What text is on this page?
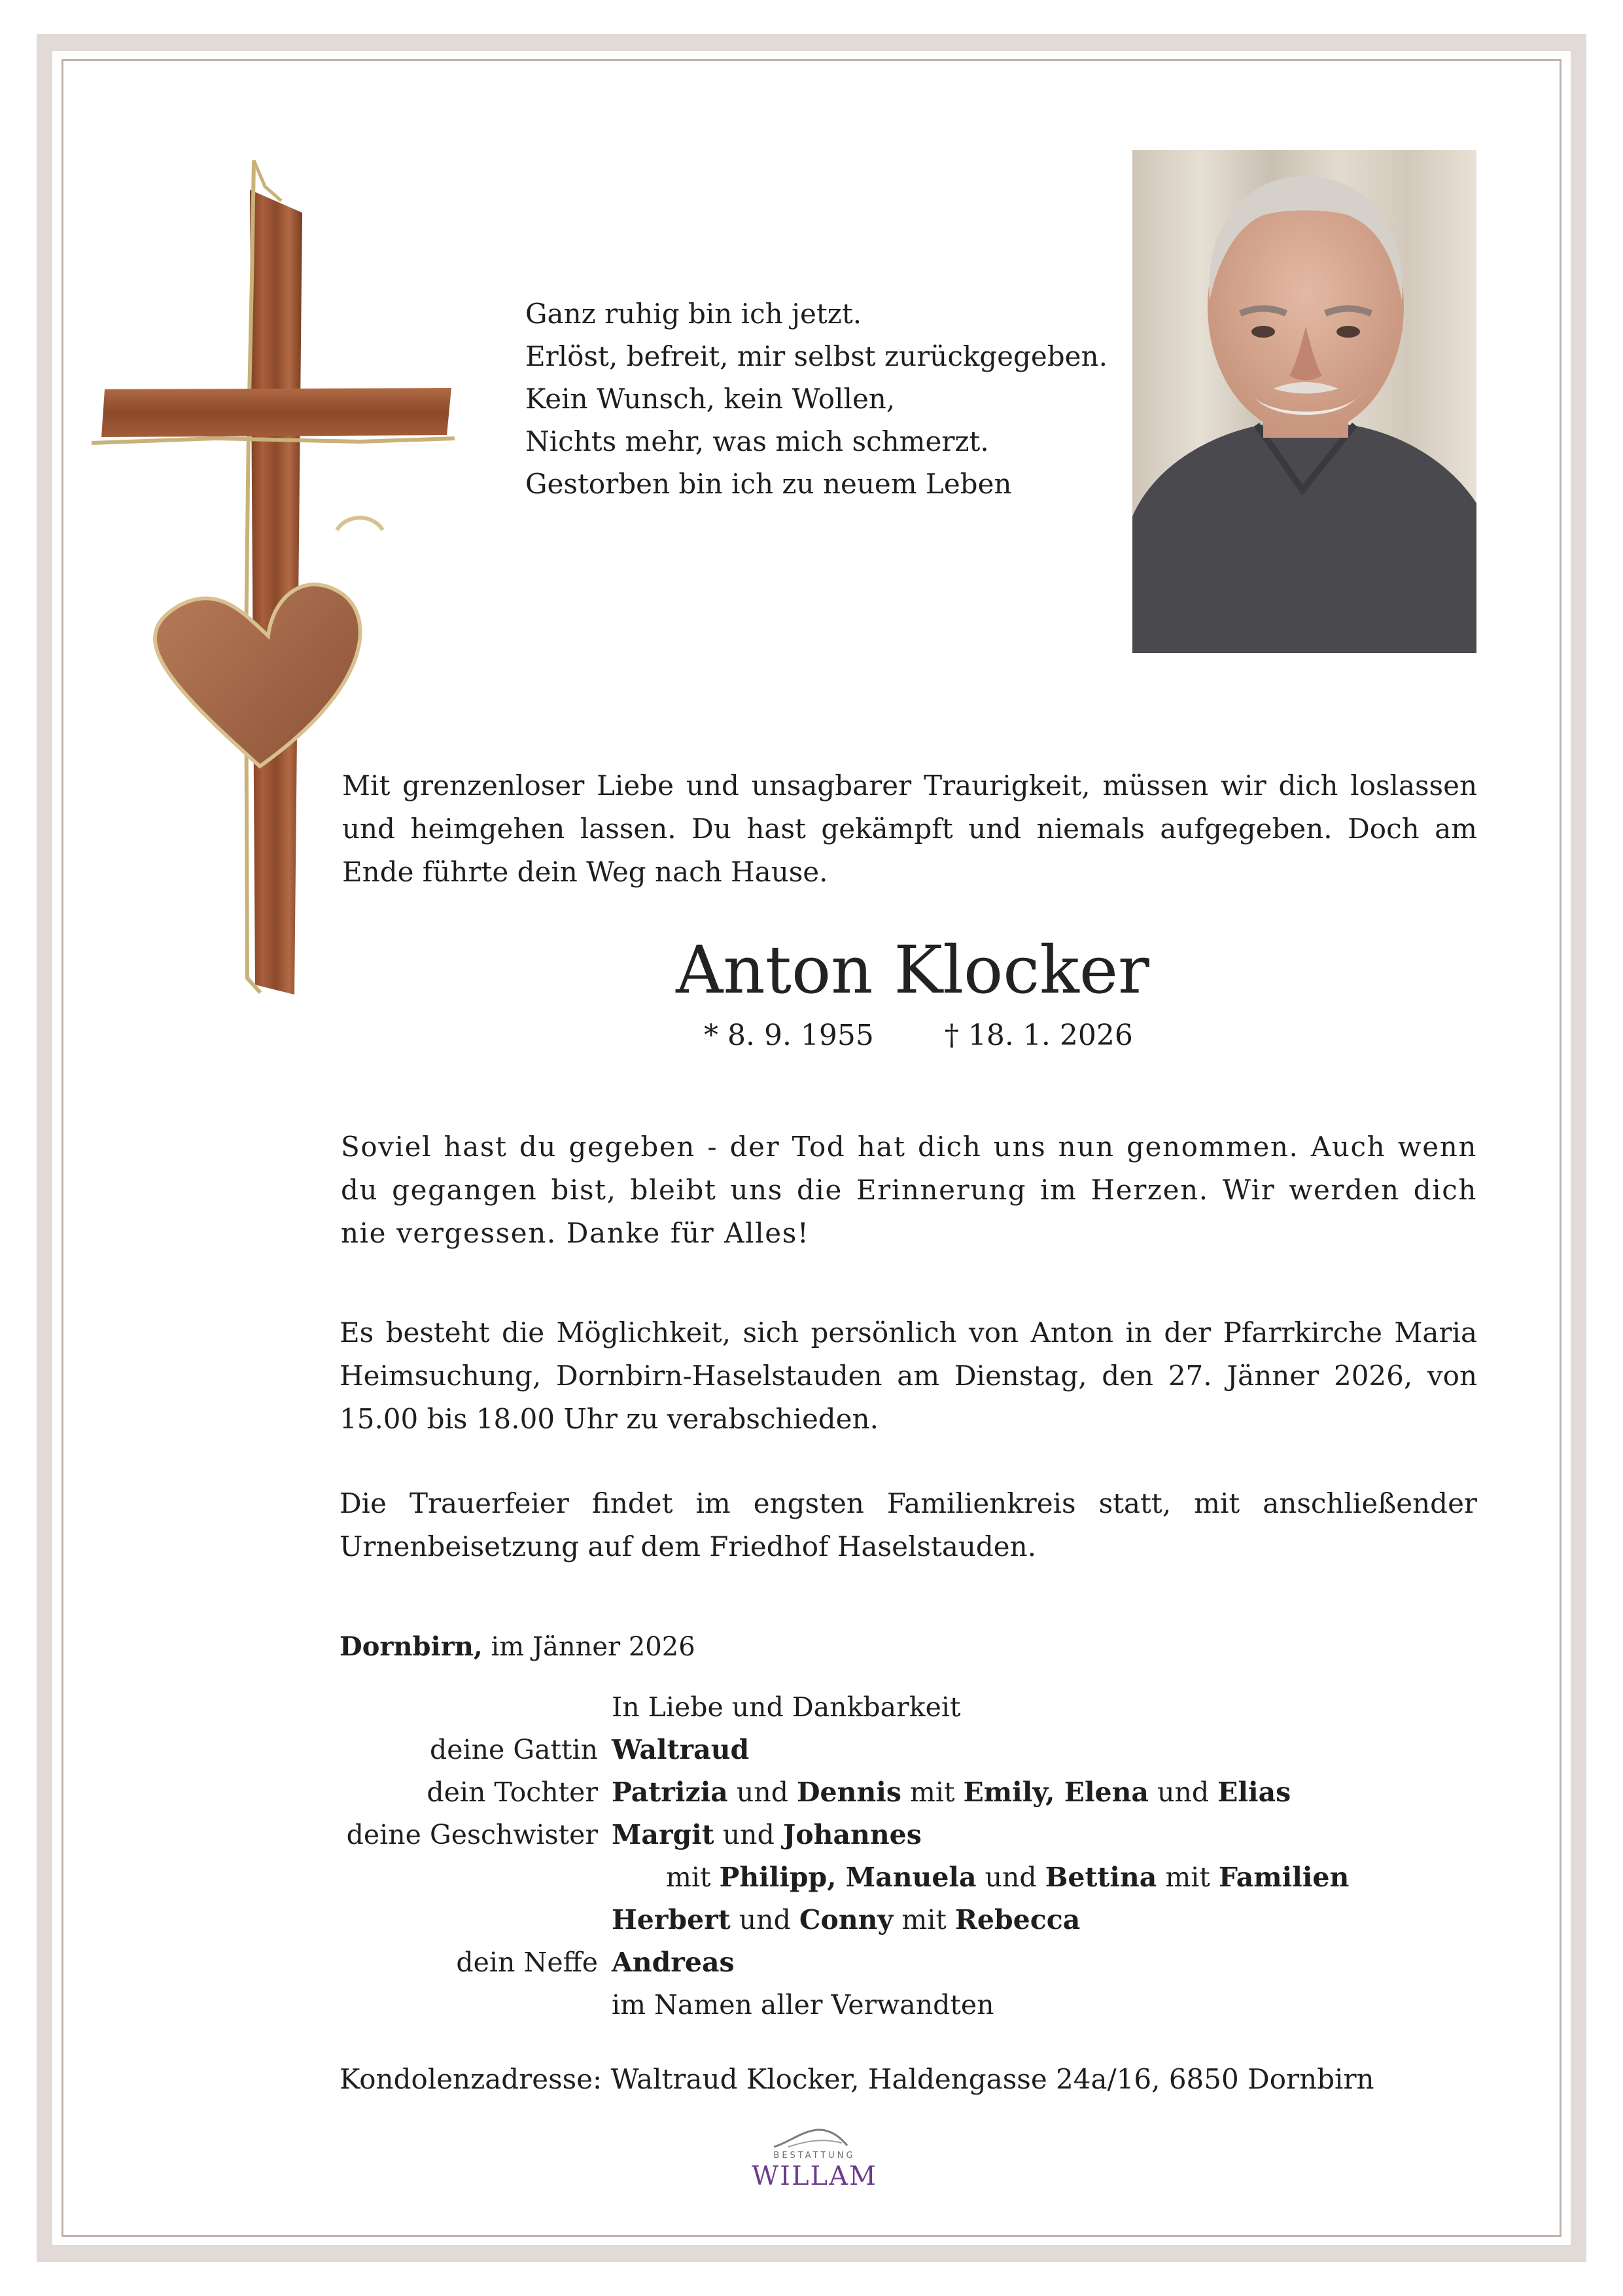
Ganz ruhig bin ich jetzt.
Erlöst, befreit, mir selbst zurückgegeben.
Kein Wunsch, kein Wollen,
Nichts mehr, was mich schmerzt.
Gestorben bin ich zu neuem Leben
Mit grenzenloser Liebe und unsagbarer Traurigkeit, müssen wir dich loslassen und heimgehen lassen. Du hast gekämpft und niemals aufgegeben. Doch am Ende führte dein Weg nach Hause.
Anton Klocker
* 8. 9. 1955 † 18. 1. 2026
Soviel hast du gegeben - der Tod hat dich uns nun genommen. Auch wenn du gegangen bist, bleibt uns die Erinnerung im Herzen. Wir werden dich nie vergessen. Danke für Alles!
Es besteht die Möglichkeit, sich persönlich von Anton in der Pfarrkirche Maria Heimsuchung, Dornbirn-Haselstauden am Dienstag, den 27. Jänner 2026, von 15.00 bis 18.00 Uhr zu verabschieden.
Die Trauerfeier findet im engsten Familienkreis statt, mit anschließender Urnenbeisetzung auf dem Friedhof Haselstauden.
Dornbirn, im Jänner 2026
In Liebe und Dankbarkeit
deine Gattin Waltraud
dein Tochter Patrizia und Dennis mit Emily, Elena und Elias
deine Geschwister Margit und Johannes
mit Philipp, Manuela und Bettina mit Familien
Herbert und Conny mit Rebecca
dein Neffe Andreas
im Namen aller Verwandten
Kondolenzadresse: Waltraud Klocker, Haldengasse 24a/16, 6850 Dornbirn
BESTATTUNG
WILLAM
